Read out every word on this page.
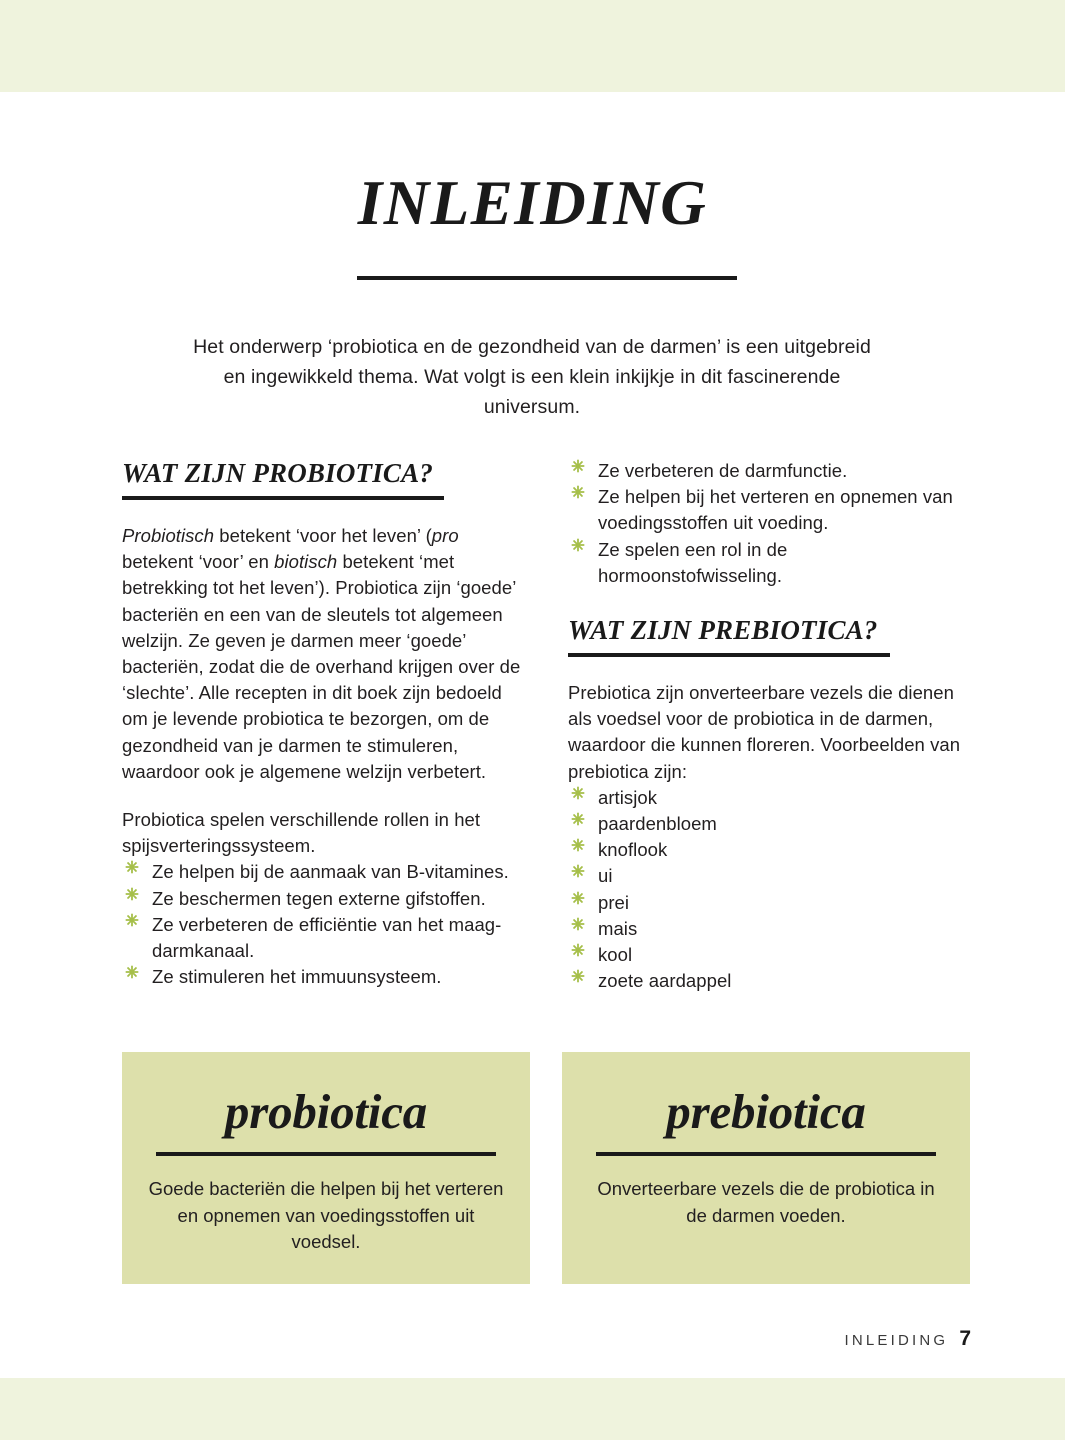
INLEIDING
Het onderwerp ‘probiotica en de gezondheid van de darmen’ is een uitgebreid en ingewikkeld thema. Wat volgt is een klein inkijkje in dit fascinerende universum.
WAT ZIJN PROBIOTICA?

Probiotisch betekent ‘voor het leven’ (pro betekent ‘voor’ en biotisch betekent ‘met betrekking tot het leven’). Probiotica zijn ‘goede’ bacteriën en een van de sleutels tot algemeen welzijn. Ze geven je darmen meer ‘goede’ bacteriën, zodat die de overhand krijgen over de ‘slechte’. Alle recepten in dit boek zijn bedoeld om je levende probiotica te bezorgen, om de gezondheid van je darmen te stimuleren, waardoor ook je algemene welzijn verbetert.

Probiotica spelen verschillende rollen in het spijsverteringssysteem.

Ze helpen bij de aanmaak van B-vitamines.
Ze beschermen tegen externe gifstoffen.
Ze verbeteren de efficiëntie van het maag-darmkanaal.
Ze stimuleren het immuunsysteem.
Ze verbeteren de darmfunctie.
Ze helpen bij het verteren en opnemen van voedingsstoffen uit voeding.
Ze spelen een rol in de hormoonstofwisseling.
WAT ZIJN PREBIOTICA?

Prebiotica zijn onverteerbare vezels die dienen als voedsel voor de probiotica in de darmen, waardoor die kunnen floreren. Voorbeelden van prebiotica zijn:

artisjok
paardenbloem
knoflook
ui
prei
mais
kool
zoete aardappel
probiotica
Goede bacteriën die helpen bij het verteren en opnemen van voedingsstoffen uit voedsel.
prebiotica
Onverteerbare vezels die de probiotica in de darmen voeden.
INLEIDING 7
